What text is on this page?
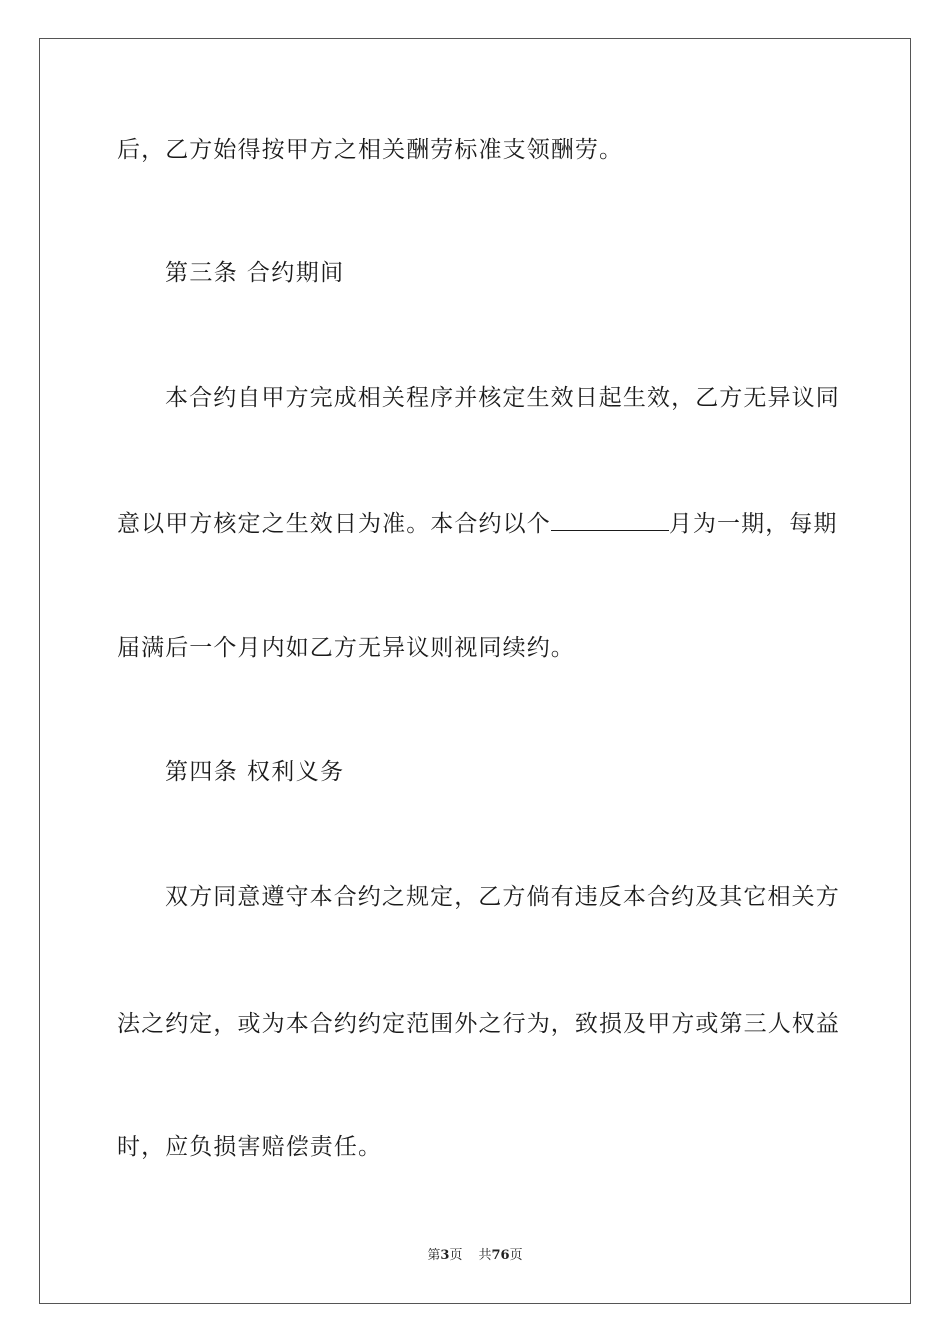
后，乙方始得按甲方之相关酬劳标准支领酬劳。
第三条 合约期间
本合约自甲方完成相关程序并核定生效日起生效，乙方无异议同
意以甲方核定之生效日为准。本合约以个	月为一期，每期
届满后一个月内如乙方无异议则视同续约。
第四条 权利义务
双方同意遵守本合约之规定，乙方倘有违反本合约及其它相关方
法之约定，或为本合约约定范围外之行为，致损及甲方或第三人权益
时，应负损害赔偿责任。
第3页 共76页
